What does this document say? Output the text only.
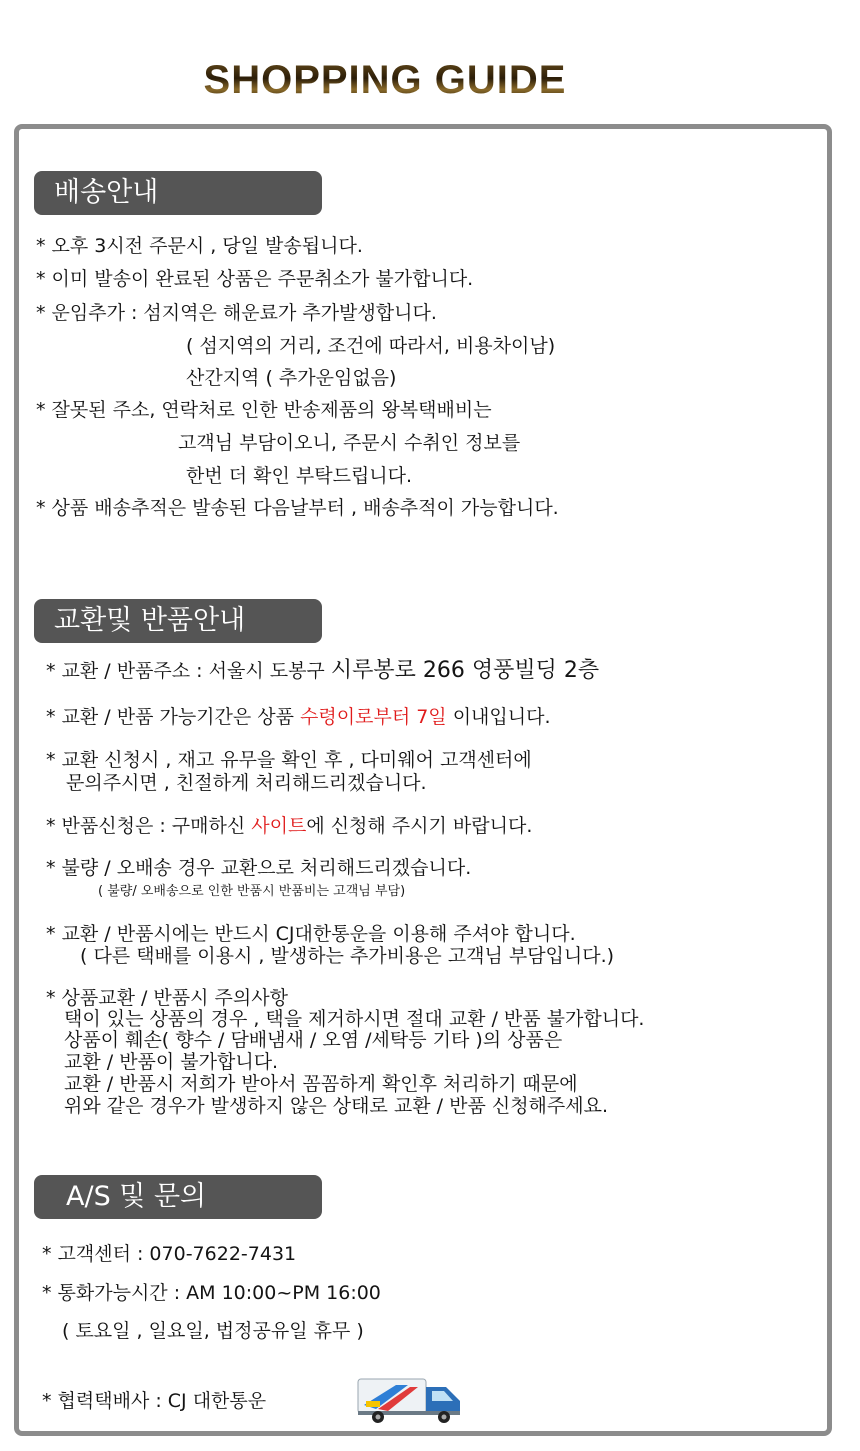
SHOPPING GUIDE
배송안내
* 오후 3시전 주문시 , 당일 발송됩니다.
* 이미 발송이 완료된 상품은 주문취소가 불가합니다.
* 운임추가 : 섬지역은 해운료가 추가발생합니다.
( 섬지역의 거리, 조건에 따라서, 비용차이남)
산간지역 ( 추가운임없음)
* 잘못된 주소, 연락처로 인한 반송제품의 왕복택배비는
고객님 부담이오니, 주문시 수취인 정보를
한번 더 확인 부탁드립니다.
* 상품 배송추적은 발송된 다음날부터 , 배송추적이 가능합니다.
교환및 반품안내
* 교환 / 반품주소 : 서울시 도봉구 시루봉로 266 영풍빌딩 2층
* 교환 / 반품 가능기간은 상품 수령이로부터 7일 이내입니다.
* 교환 신청시 , 재고 유무을 확인 후 , 다미웨어 고객센터에
문의주시면 , 친절하게 처리해드리겠습니다.
* 반품신청은 : 구매하신 사이트에 신청해 주시기 바랍니다.
* 불량 / 오배송 경우 교환으로 처리해드리겠습니다.
( 불량/ 오배송으로 인한 반품시 반품비는 고객님 부담)
* 교환 / 반품시에는 반드시 CJ대한통운을 이용해 주셔야 합니다.
( 다른 택배를 이용시 , 발생하는 추가비용은 고객님 부담입니다.)
* 상품교환 / 반품시 주의사항
택이 있는 상품의 경우 , 택을 제거하시면 절대 교환 / 반품 불가합니다.
상품이 훼손( 향수 / 담배냄새 / 오염 /세탁등 기타 )의 상품은
교환 / 반품이 불가합니다.
교환 / 반품시 저희가 받아서 꼼꼼하게 확인후 처리하기 때문에
위와 같은 경우가 발생하지 않은 상태로 교환 / 반품 신청해주세요.
A/S 및 문의
* 고객센터 : 070-7622-7431
* 통화가능시간 : AM 10:00~PM 16:00
( 토요일 , 일요일, 법정공유일 휴무 )
* 협력택배사 : CJ 대한통운
